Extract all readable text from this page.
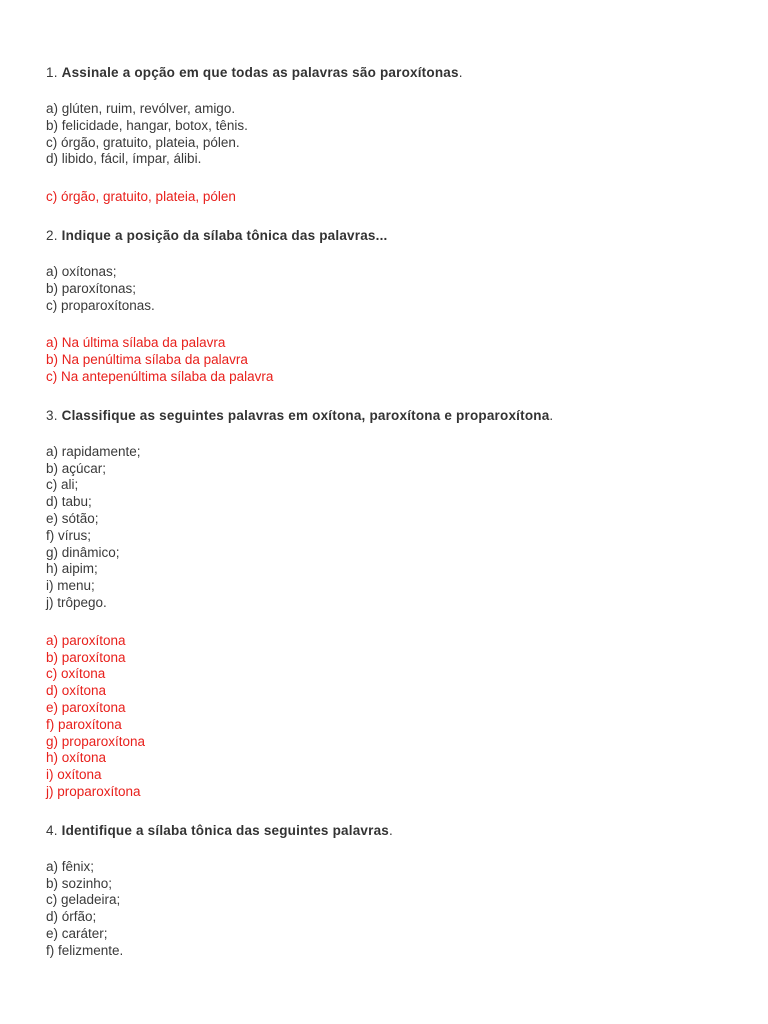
1. Assinale a opção em que todas as palavras são paroxítonas.

a) glúten, ruim, revólver, amigo.
b) felicidade, hangar, botox, tênis.
c) órgão, gratuito, plateia, pólen.
d) libido, fácil, ímpar, álibi.
c) órgão, gratuito, plateia, pólen

2. Indique a posição da sílaba tônica das palavras...

a) oxítonas;
b) paroxítonas;
c) proparoxítonas.
a) Na última sílaba da palavra
b) Na penúltima sílaba da palavra
c) Na antepenúltima sílaba da palavra

3. Classifique as seguintes palavras em oxítona, paroxítona e proparoxítona.

a) rapidamente;
b) açúcar;
c) ali;
d) tabu;
e) sótão;
f) vírus;
g) dinâmico;
h) aipim;
i) menu;
j) trôpego.
a) paroxítona
b) paroxítona
c) oxítona
d) oxítona
e) paroxítona
f) paroxítona
g) proparoxítona
h) oxítona
i) oxítona
j) proparoxítona

4. Identifique a sílaba tônica das seguintes palavras.

a) fênix;
b) sozinho;
c) geladeira;
d) órfão;
e) caráter;
f) felizmente.
